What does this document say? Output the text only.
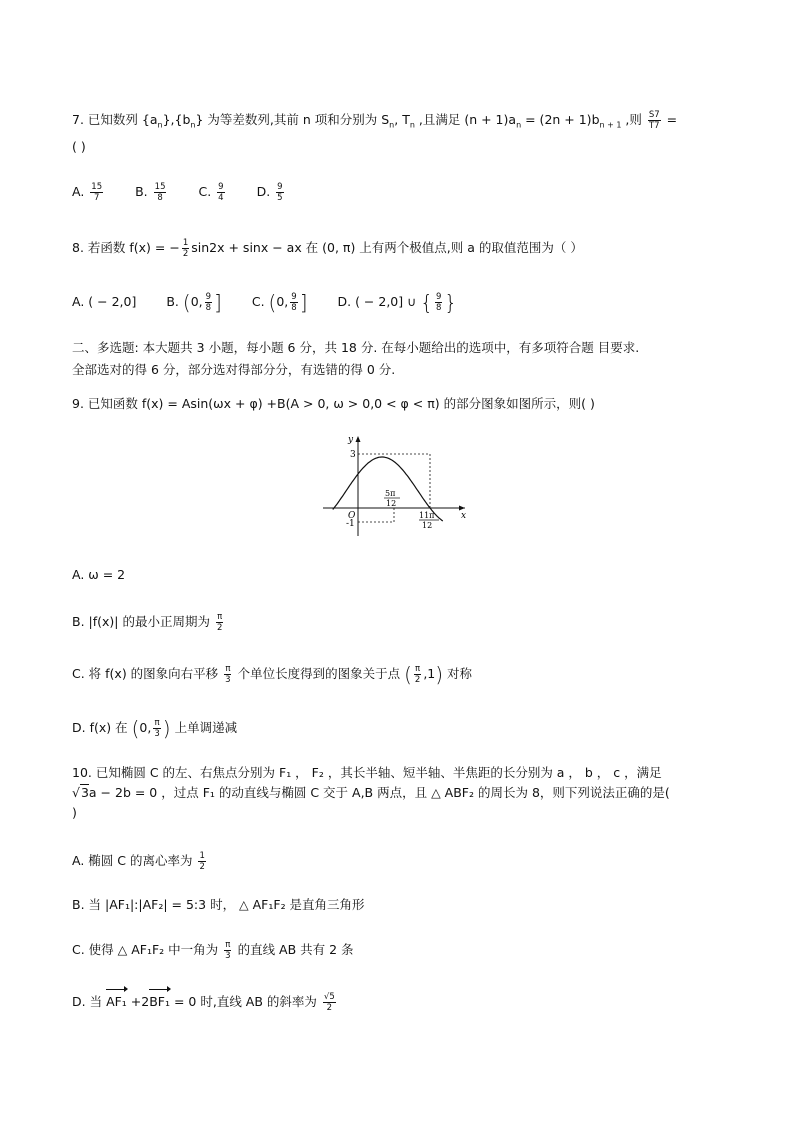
7. 已知数列 $\{a_n\},\{b_n\}$ 为等差数列,其前 n 项和分别为 $S_n$, $T_n$ ,且满足 $(n + 1)a_n = (2n + 1)b_{n + 1}$ ,则 $\frac{S7}{T7}$ =
( )
A. $\frac{15}{7}$	B. $\frac{15}{8}$	C. $\frac{9}{4}$	D. $\frac{9}{5}$
8. 若函数 f(x) = − $\frac{1}{2} \sin 2x + \sin x$ − ax 在 (0, π) 上有两个极值点,则 a 的取值范围为（ ）
A. ( − 2,0] B. (0, $\frac{9}{8}$ ] C. (0, $\frac{9}{8}$ ] D. ( − 2,0] ∪ { $\frac{9}{8}$ }
二、多选题: 本大题共 3 小题，每小题 6 分，共 18 分. 在每小题给出的选项中，有多项符合题 目要求.
全部选对的得 6 分，部分选对得部分分，有选错的得 0 分.
9. 已知函数 f(x) = Asin(ωx + φ) +B(A > 0, ω > 0,0 < φ < π) 的部分图象如图所示，则( )
y
x
O
3
-1
5π
12
11π
12
A. ω = 2
B. |f(x)| 的最小正周期为 $\frac{\pi}{2}$
C. 将 f(x) 的图象向右平移 $\frac{\pi}{3}$ 个单位长度得到的图象关于点 ( $\frac{\pi}{2} ,1$) 对称
D. f(x) 在 (0, $\frac{\pi}{3}$ ) 上单调递减
10. 已知椭圆 C 的左、右焦点分别为 F₁ ， F₂ ，其长半轴、短半轴、半焦距的长分别为 a ， b ， c ，满足
√3a − 2b = 0 ，过点 F₁ 的动直线与椭圆 C 交于 A,B 两点，且 △ ABF₂ 的周长为 8，则下列说法正确的是(
)
A. 椭圆 C 的离心率为 $\frac{1}{2}$
B. 当 |AF₁|:|AF₂| = 5:3 时， △ AF₁F₂ 是直角三角形
C. 使得 △ AF₁F₂ 中一角为 $\frac{\pi}{3}$ 的直线 AB 共有 2 条
D. 当 AF₁ +2BF₁ = 0 时,直线 AB 的斜率为 $\frac{√5}{2}$
